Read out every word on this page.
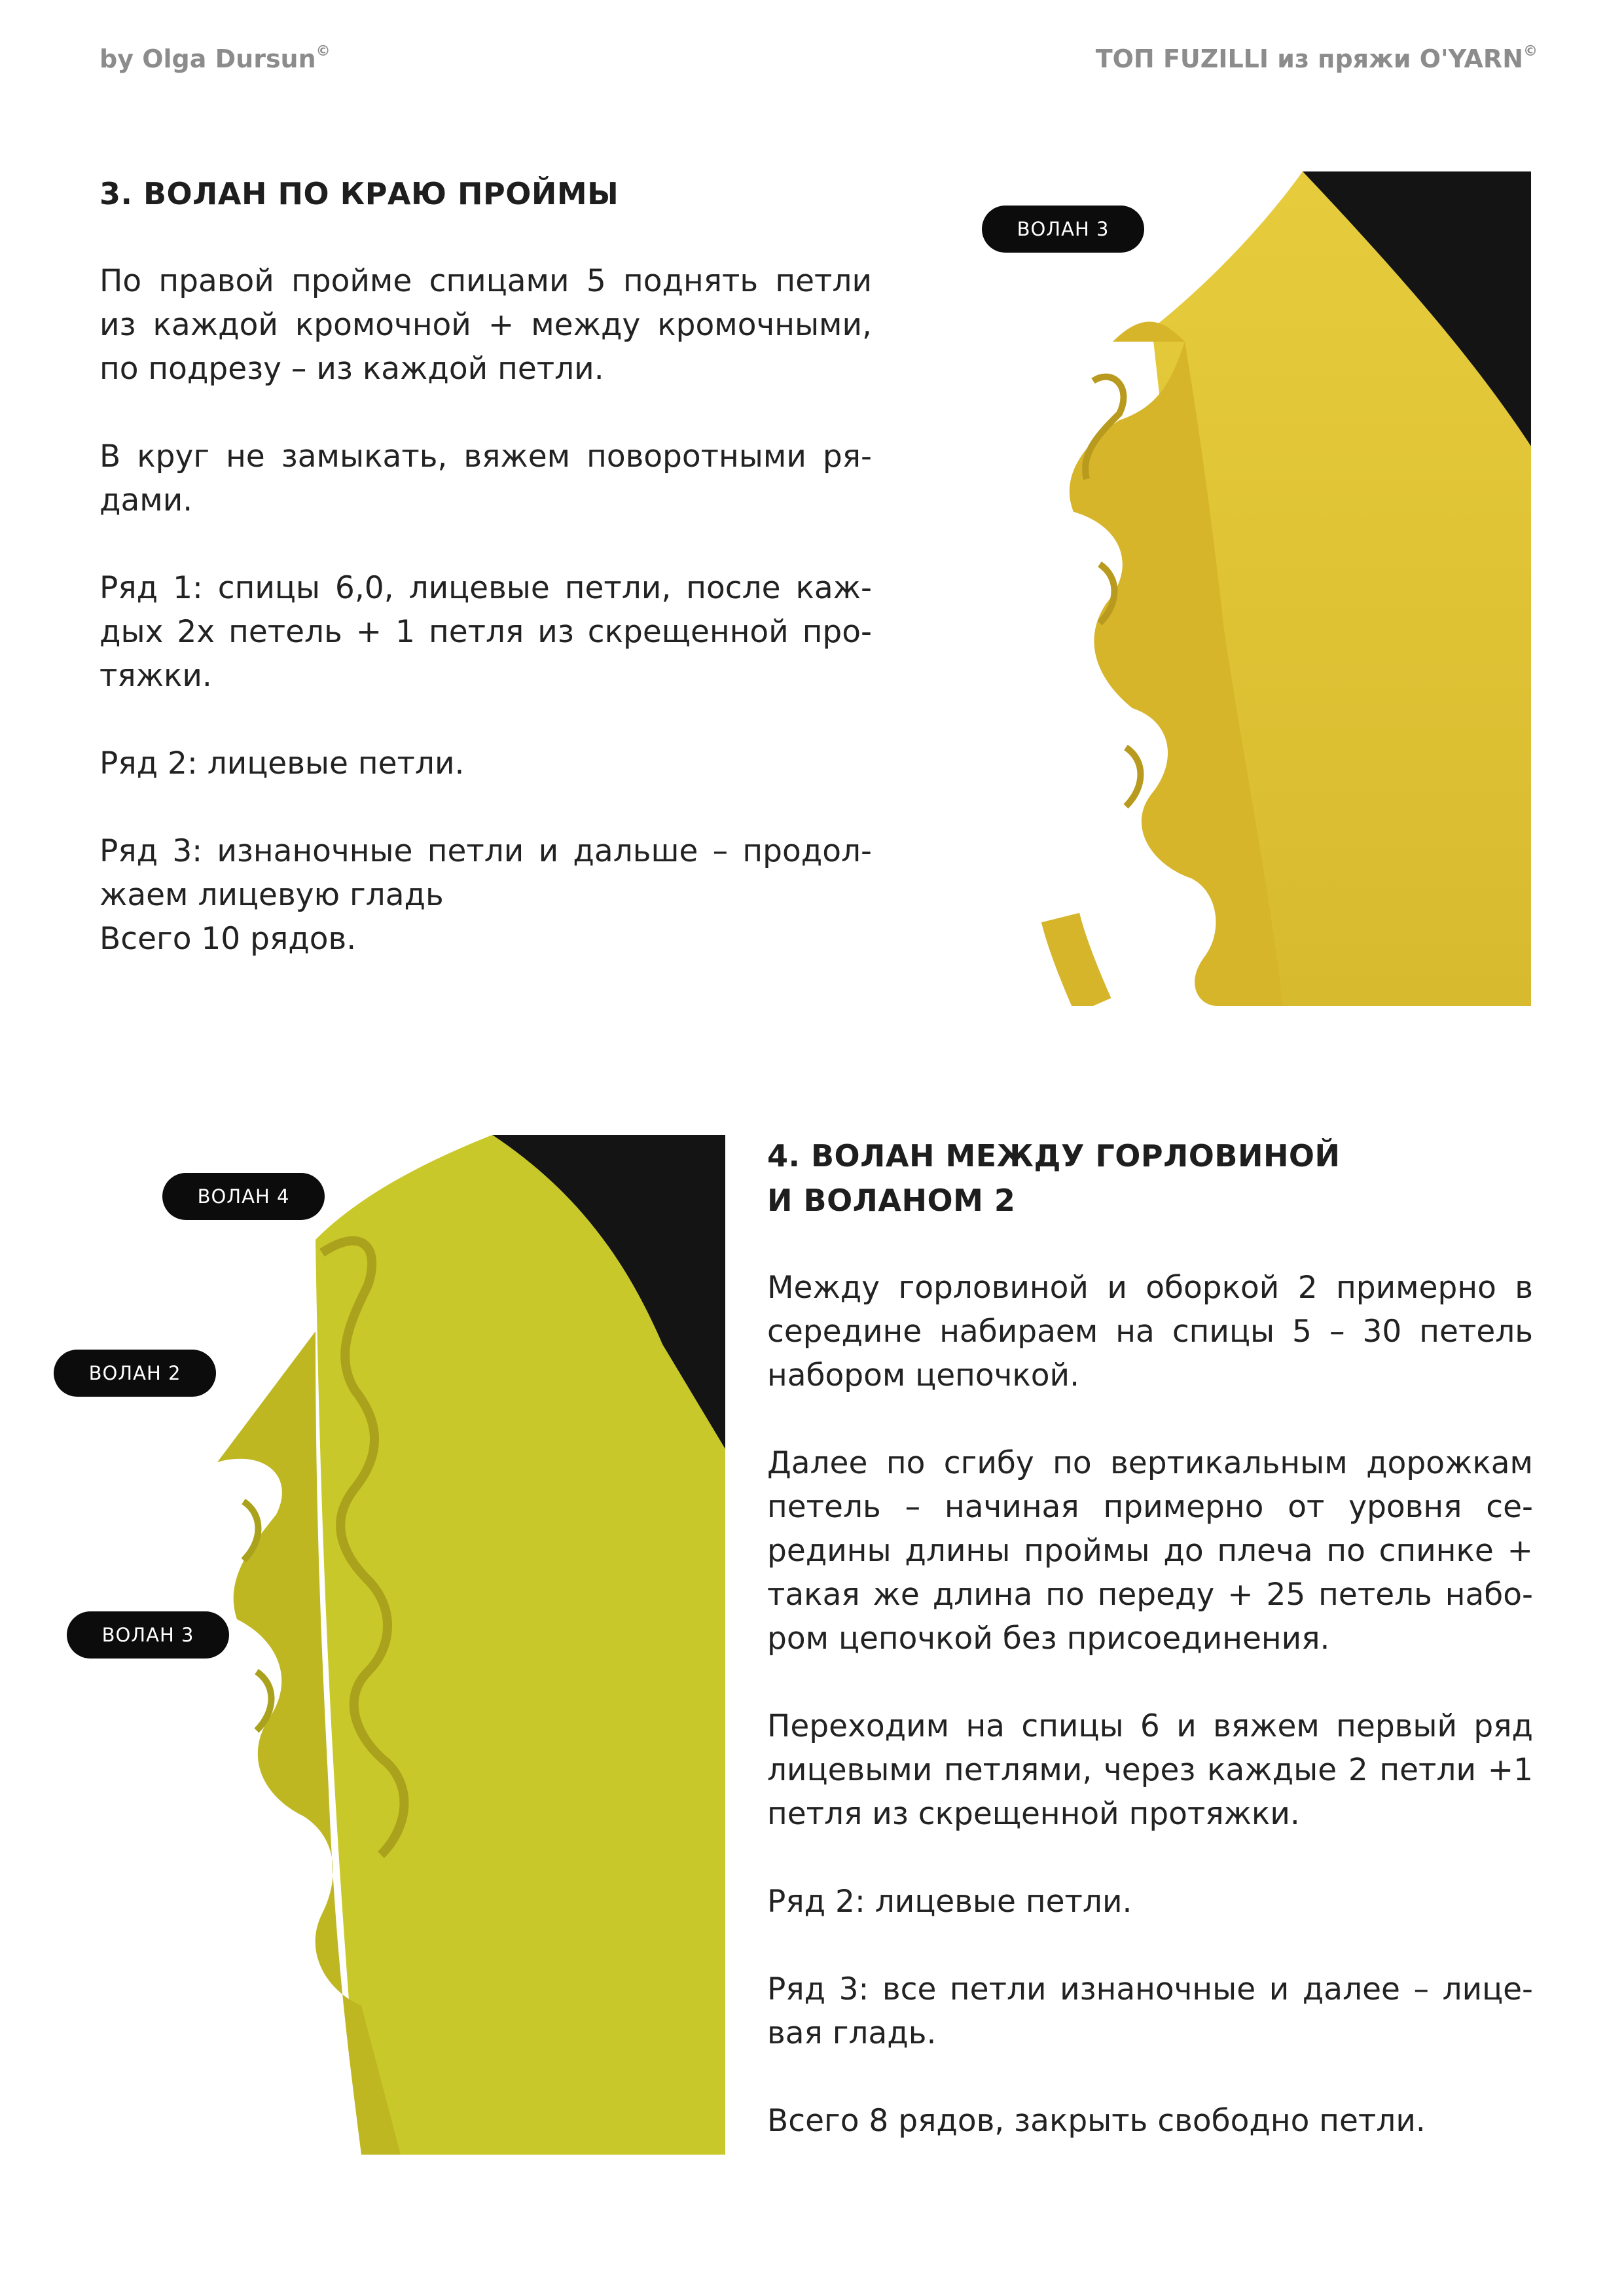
by Olga Dursun©	ТОП FUZILLI из пряжи O'YARN©
3. ВОЛАН ПО КРАЮ ПРОЙМЫ

По правой пройме спицами 5 поднять петли из каждой кромочной + между кромочными, по подрезу – из каждой петли.

В круг не замыкать, вяжем поворотными рядами.

Ряд 1: спицы 6,0, лицевые петли, после каждых 2х петель + 1 петля из скрещенной протяжки.

Ряд 2: лицевые петли.

Ряд 3: изнаночные петли и дальше – продолжаем лицевую гладь
Всего 10 рядов.

ВОЛАН 3
ВОЛАН 4
ВОЛАН 2
ВОЛАН 3
4. ВОЛАН МЕЖДУ ГОРЛОВИНОЙ
И ВОЛАНОМ 2

Между горловиной и оборкой 2 примерно в середине набираем на спицы 5 – 30 петель набором цепочкой.

Далее по сгибу по вертикальным дорожкам петель – начиная примерно от уровня середины длины проймы до плеча по спинке + такая же длина по переду + 25 петель набором цепочкой без присоединения.

Переходим на спицы 6 и вяжем первый ряд лицевыми петлями, через каждые 2 петли +1 петля из скрещенной протяжки.

Ряд 2: лицевые петли.

Ряд 3: все петли изнаночные и далее – лицевая гладь.

Всего 8 рядов, закрыть свободно петли.
